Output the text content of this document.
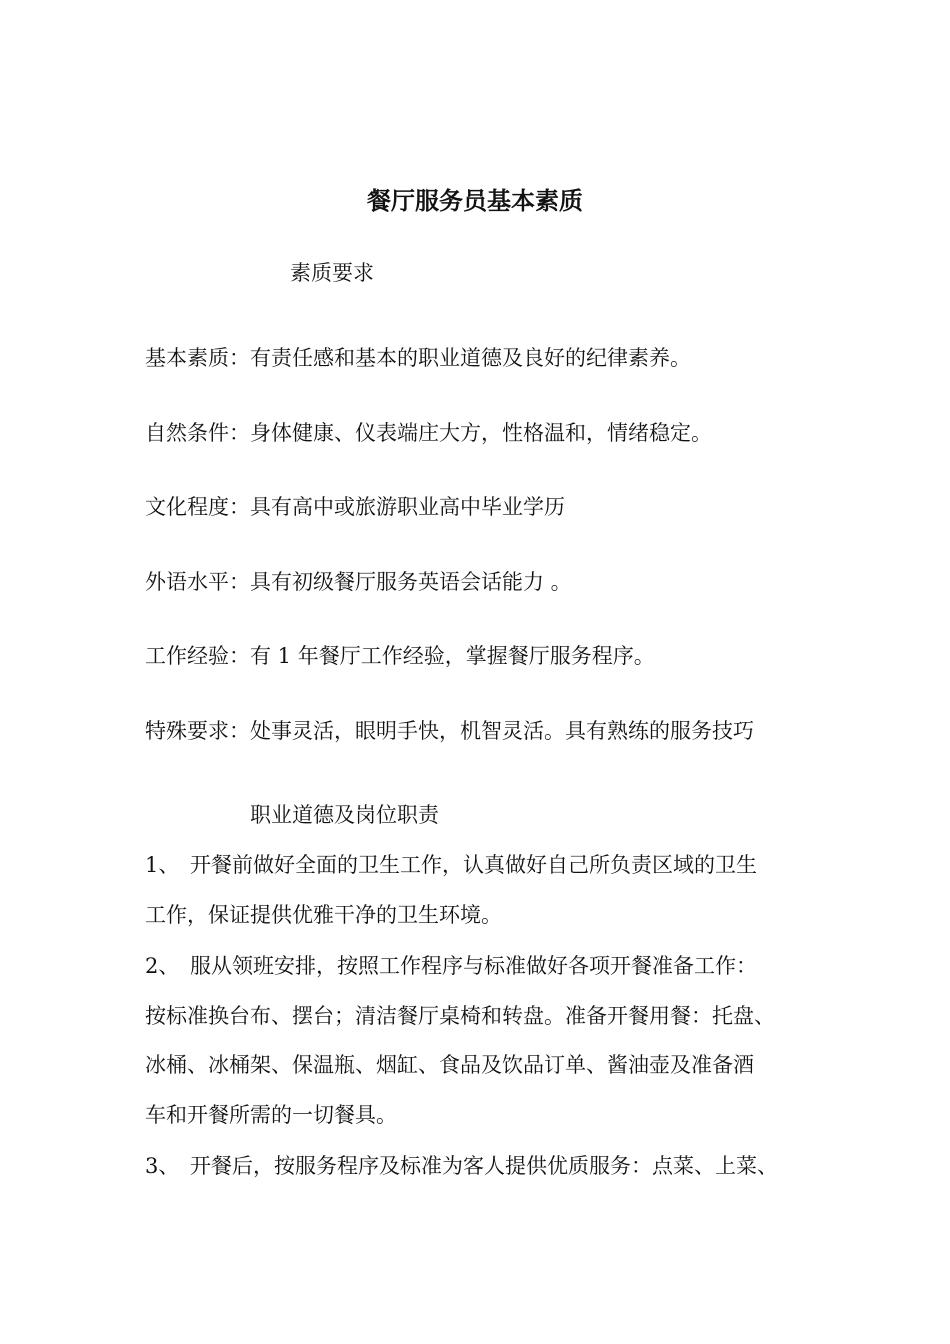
餐厅服务员基本素质
素质要求
基本素质：有责任感和基本的职业道德及良好的纪律素养。
自然条件：身体健康、仪表端庄大方，性格温和，情绪稳定。
文化程度：具有高中或旅游职业高中毕业学历
外语水平：具有初级餐厅服务英语会话能力 。
工作经验：有 1 年餐厅工作经验，掌握餐厅服务程序。
特殊要求：处事灵活，眼明手快，机智灵活。具有熟练的服务技巧
职业道德及岗位职责
1、 开餐前做好全面的卫生工作，认真做好自己所负责区域的卫生
工作，保证提供优雅干净的卫生环境。
2、 服从领班安排，按照工作程序与标准做好各项开餐准备工作：
按标准换台布、摆台；清洁餐厅桌椅和转盘。准备开餐用餐：托盘、
冰桶、冰桶架、保温瓶、烟缸、食品及饮品订单、酱油壶及准备酒
车和开餐所需的一切餐具。
3、 开餐后，按服务程序及标准为客人提供优质服务：点菜、上菜、
